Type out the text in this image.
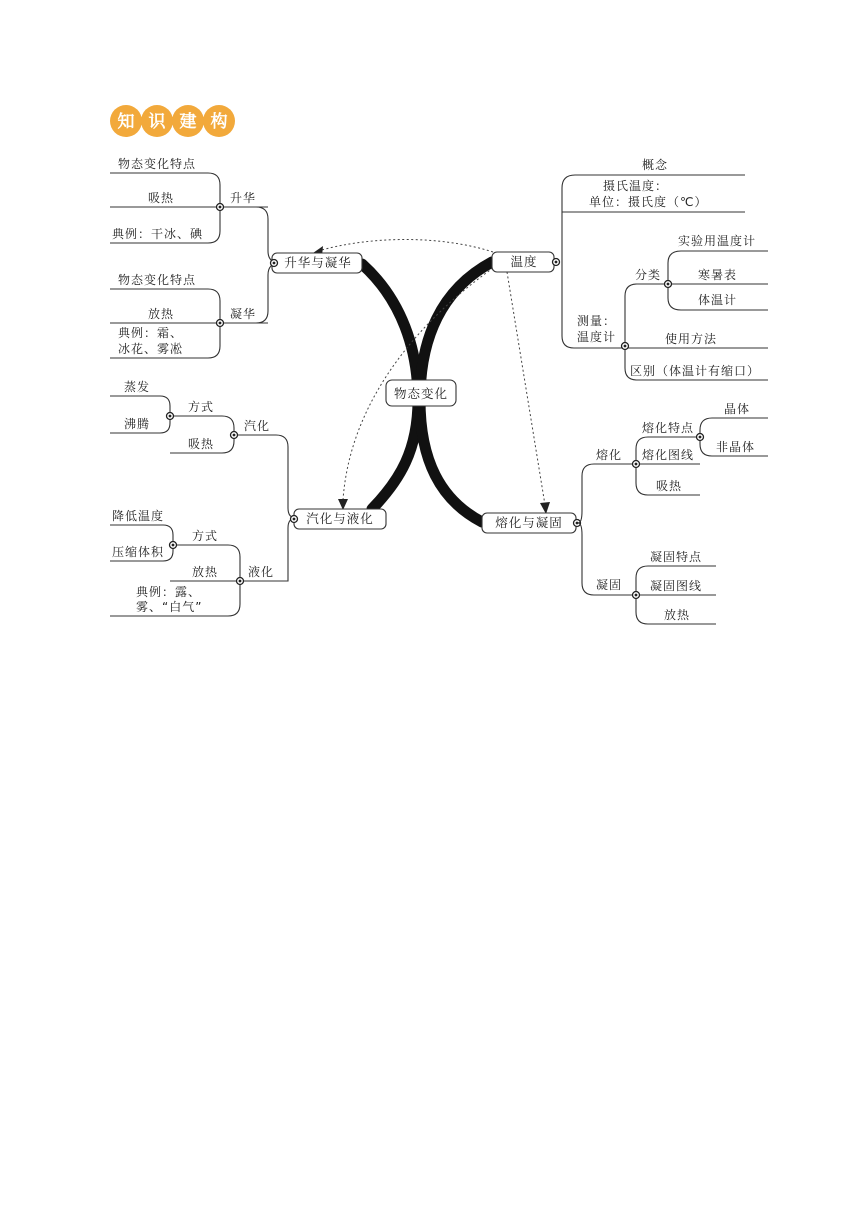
知 识 建 构
物态变化特点
吸热
典例：干冰、碘
升华
物态变化特点
放热
典例：霜、
冰花、雾凇
凝华
升华与凝华
蒸发
沸腾
方式
吸热
汽化
降低温度
压缩体积
方式
放热
典例：露、
雾、“白气”
液化
汽化与液化
物态变化
温度
概念
摄氏温度：
单位：摄氏度（℃）
测量：
温度计
分类
使用方法
区别（体温计有缩口）
实验用温度计
寒暑表
体温计
熔化与凝固
熔化
凝固
熔化特点
熔化图线
吸热
晶体
非晶体
凝固特点
凝固图线
放热
